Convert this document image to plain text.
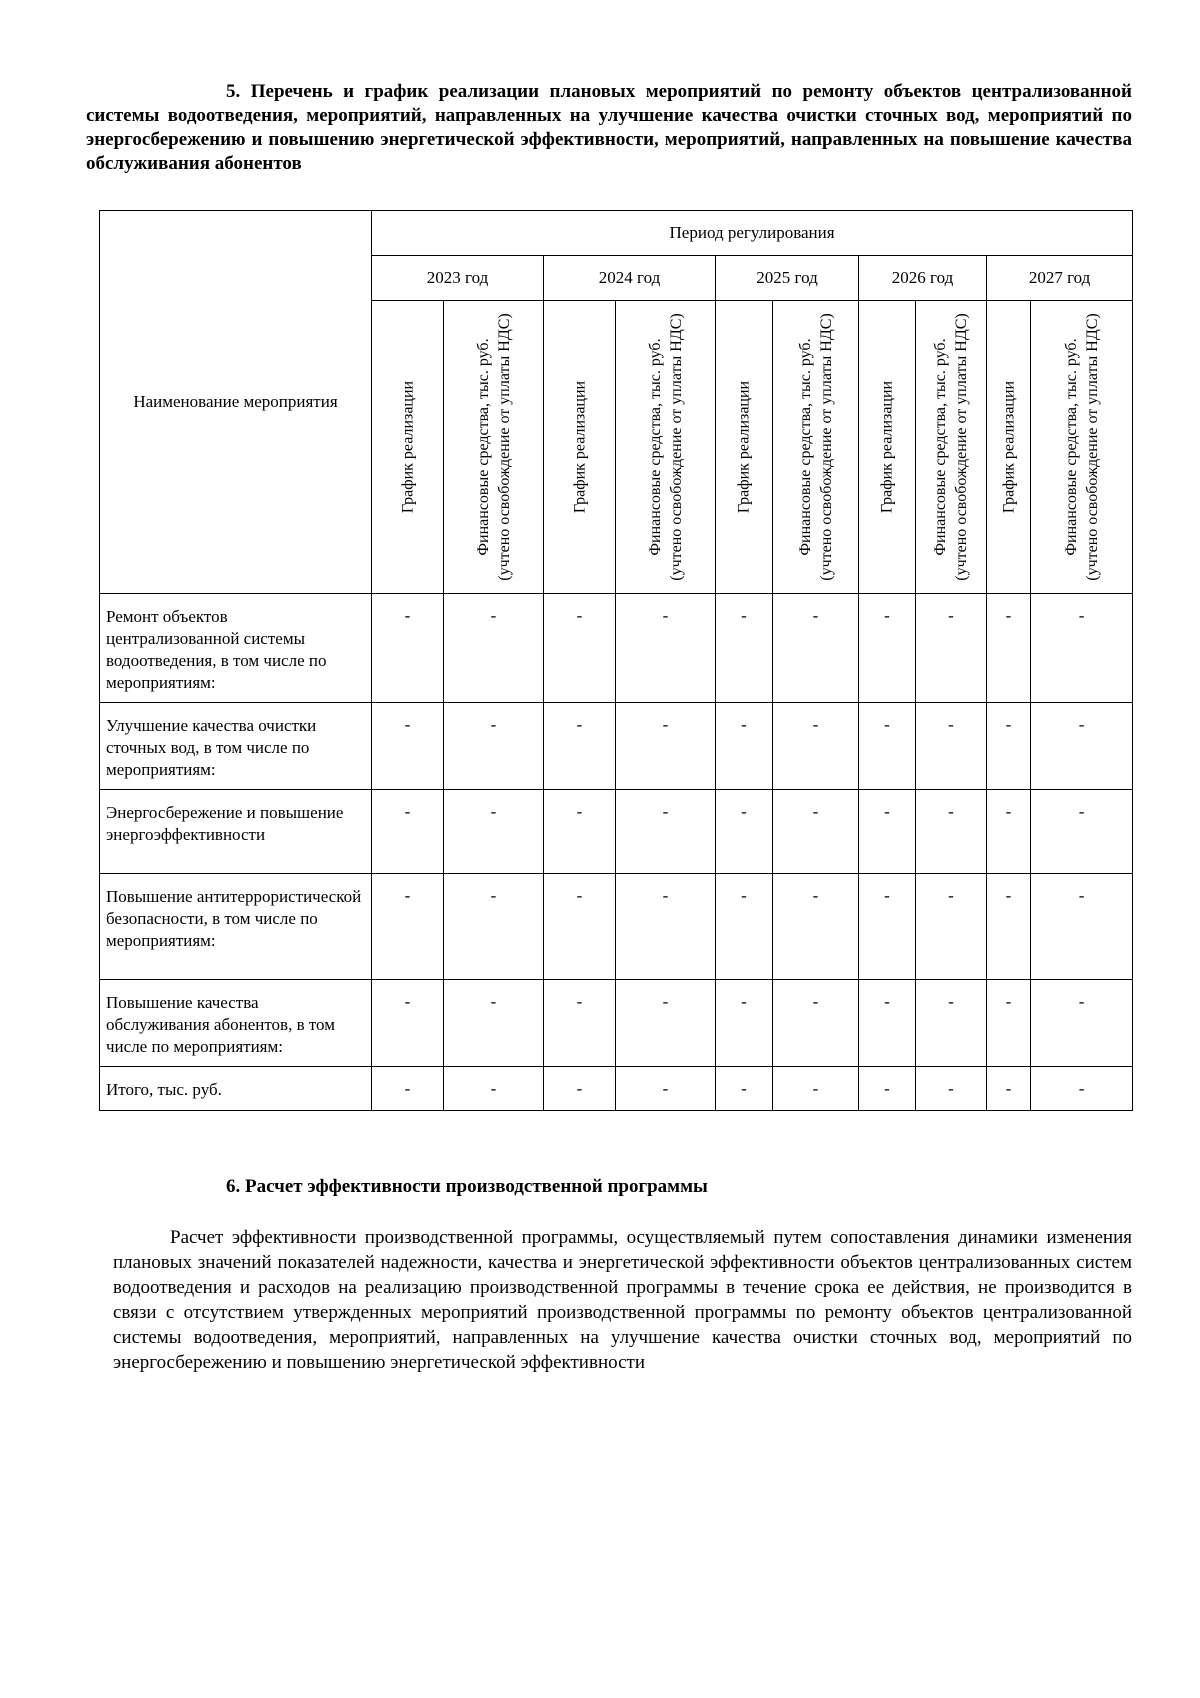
5. Перечень и график реализации плановых мероприятий по ремонту объектов централизованной системы водоотведения, мероприятий, направленных на улучшение качества очистки сточных вод, мероприятий по энергосбережению и повышению энергетической эффективности, мероприятий, направленных на повышение качества обслуживания абонентов
Наименование мероприятия	Период регулирования									
	2023 год		2024 год		2025 год		2026 год		2027 год	

	График реализации	Финансовые средства, тыс. руб. (учтено освобождение от уплаты НДС)	График реализации	Финансовые средства, тыс. руб. (учтено освобождение от уплаты НДС)	График реализации	Финансовые средства, тыс. руб. (учтено освобождение от уплаты НДС)	График реализации	Финансовые средства, тыс. руб. (учтено освобождение от уплаты НДС)	График реализации	Финансовые средства, тыс. руб. (учтено освобождение от уплаты НДС)

Ремонт объектов централизованной системы водоотведения, в том числе по мероприятиям:	-	-	-	-	-	-	-	-	-	-
Улучшение качества очистки сточных вод, в том числе по мероприятиям:	-	-	-	-	-	-	-	-	-	-
Энергосбережение и повышение энергоэффективности	-	-	-	-	-	-	-	-	-	-
Повышение антитеррористической безопасности, в том числе по мероприятиям:	-	-	-	-	-	-	-	-	-	-
Повышение качества обслуживания абонентов, в том числе по мероприятиям:	-	-	-	-	-	-	-	-	-	-
Итого, тыс. руб.	-	-	-	-	-	-	-	-	-	-
6. Расчет эффективности производственной программы
Расчет эффективности производственной программы, осуществляемый путем сопоставления динамики изменения плановых значений показателей надежности, качества и энергетической эффективности объектов централизованных систем водоотведения и расходов на реализацию производственной программы в течение срока ее действия, не производится в связи с отсутствием утвержденных мероприятий производственной программы по ремонту объектов централизованной системы водоотведения, мероприятий, направленных на улучшение качества очистки сточных вод, мероприятий по энергосбережению и повышению энергетической эффективности
